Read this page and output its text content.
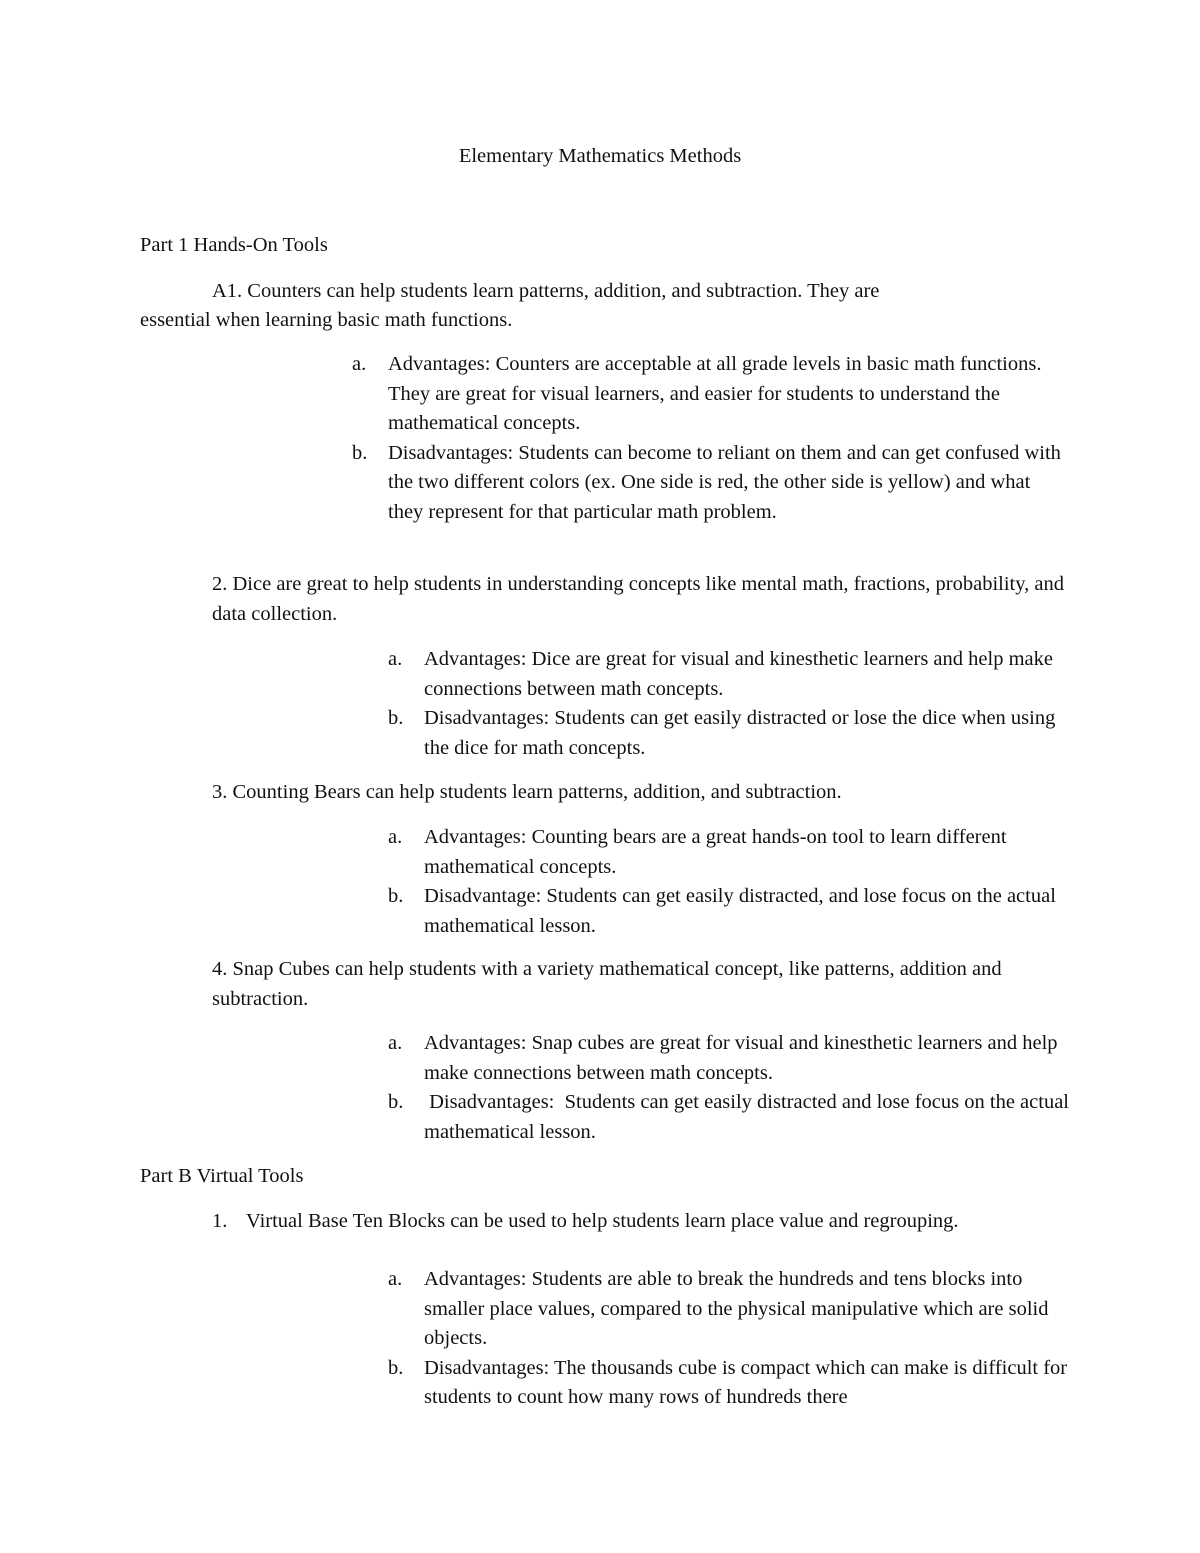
Elementary Mathematics Methods
Part 1 Hands-On Tools
A1. Counters can help students learn patterns, addition, and subtraction. They are
essential when learning basic math functions.
a.	Advantages: Counters are acceptable at all grade levels in basic math functions. They are great for visual learners, and easier for students to understand the mathematical concepts.
b.	Disadvantages: Students can become to reliant on them and can get confused with the two different colors (ex. One side is red, the other side is yellow) and what they represent for that particular math problem.
2. Dice are great to help students in understanding concepts like mental math, fractions, probability, and data collection.
a.	Advantages: Dice are great for visual and kinesthetic learners and help make connections between math concepts.
b.	Disadvantages: Students can get easily distracted or lose the dice when using the dice for math concepts.
3. Counting Bears can help students learn patterns, addition, and subtraction.
a.	Advantages: Counting bears are a great hands-on tool to learn different mathematical concepts.
b.	Disadvantage: Students can get easily distracted, and lose focus on the actual mathematical lesson.
4. Snap Cubes can help students with a variety mathematical concept, like patterns, addition and subtraction.
a.	Advantages: Snap cubes are great for visual and kinesthetic learners and help make connections between math concepts.
b.	Disadvantages:  Students can get easily distracted and lose focus on the actual mathematical lesson.
Part B Virtual Tools
1. Virtual Base Ten Blocks can be used to help students learn place value and regrouping.
a.	Advantages: Students are able to break the hundreds and tens blocks into smaller place values, compared to the physical manipulative which are solid objects.
b.	Disadvantages: The thousands cube is compact which can make is difficult for students to count how many rows of hundreds there
